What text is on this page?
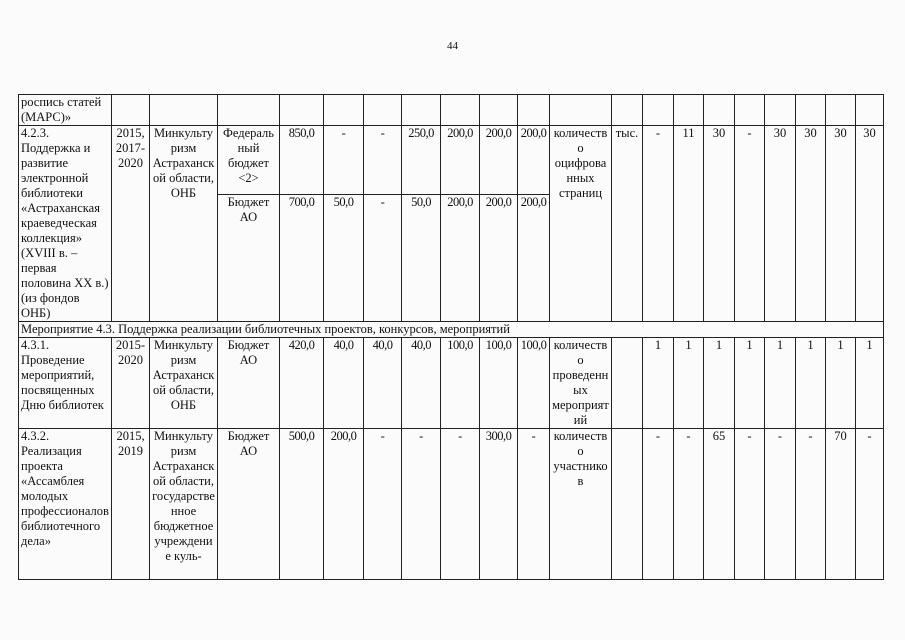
44
роспись статей (МАРС)»																				
4.2.3. Поддержка и развитие электронной библиотеки «Астраханская краеведческая коллекция» (XVIII в. – первая половина XX в.) (из фондов ОНБ)	2015, 2017-2020	Минкультуризм Астраханской области, ОНБ	Федеральный бюджет <2>	850,0	-	-	250,0	200,0	200,0	200,0	количество оцифрованных страниц	тыс.	-	11	30	-	30	30	30	30
			Бюджет АО	700,0	50,0	-	50,0	200,0	200,0	200,0										
Мероприятие 4.3. Поддержка реализации библиотечных проектов, конкурсов, мероприятий																				
4.3.1. Проведение мероприятий, посвященных Дню библиотек	2015-2020	Минкультуризм Астраханской области, ОНБ	Бюджет АО	420,0	40,0	40,0	40,0	100,0	100,0	100,0	количество проведенных мероприятий		1	1	1	1	1	1	1	1
4.3.2. Реализация проекта «Ассамблея молодых профессионалов библиотечного дела»	2015, 2019	Минкультуризм Астраханской области, государственное бюджетное учреждение куль-	Бюджет АО	500,0	200,0	-	-	-	300,0	-	количество участников		-	-	65	-	-	-	70	-
